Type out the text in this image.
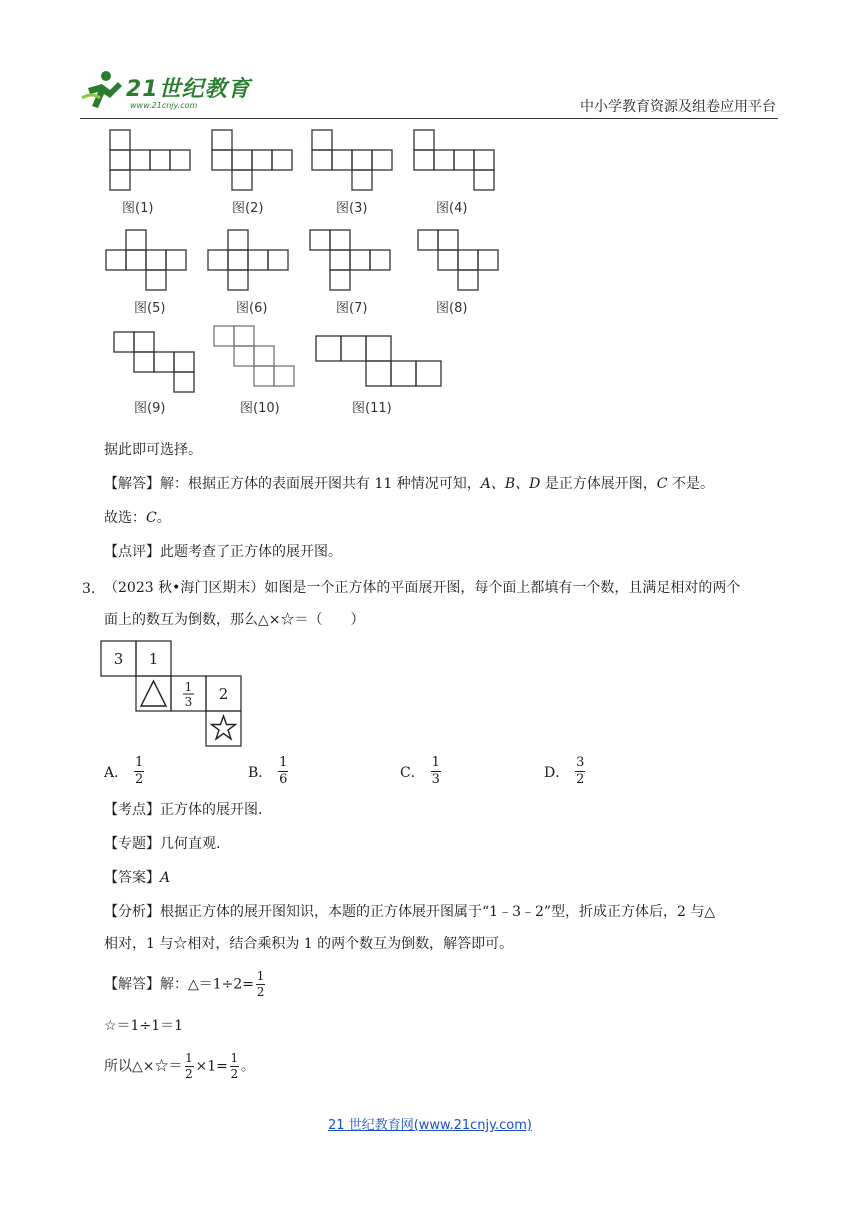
21世纪教育
www.21cnjy.com	中小学教育资源及组卷应用平台
图(1)	图(2)	图(3)	图(4)
图(5)	图(6)	图(7)	图(8)
图(9)	图(10)	图(11)
据此即可选择。
【解答】解：根据正方体的表面展开图共有 11 种情况可知，A、B、D 是正方体展开图，C 不是。
故选：C。
【点评】此题考查了正方体的展开图。
3． （2023 秋•海门区期末）如图是一个正方体的平面展开图，每个面上都填有一个数，且满足相对的两个
面上的数互为倒数，那么△×☆＝（　　）
3 1
1
3 2
A． $\frac{1}{2}$	B． $\frac{1}{6}$	C． $\frac{1}{3}$	D． $\frac{3}{2}$
【考点】正方体的展开图.
【专题】几何直观.
【答案】A
【分析】根据正方体的展开图知识，本题的正方体展开图属于“1﹣3﹣2”型，折成正方体后，2 与△
相对，1 与☆相对，结合乘积为 1 的两个数互为倒数，解答即可。
【解答】解：△＝1÷2= $\frac{1}{2}$
☆＝1÷1＝1
所以△×☆＝ $\frac{1}{2} \times 1= \frac{1}{2}$ 。
21 世纪教育网(www.21cnjy.com)
